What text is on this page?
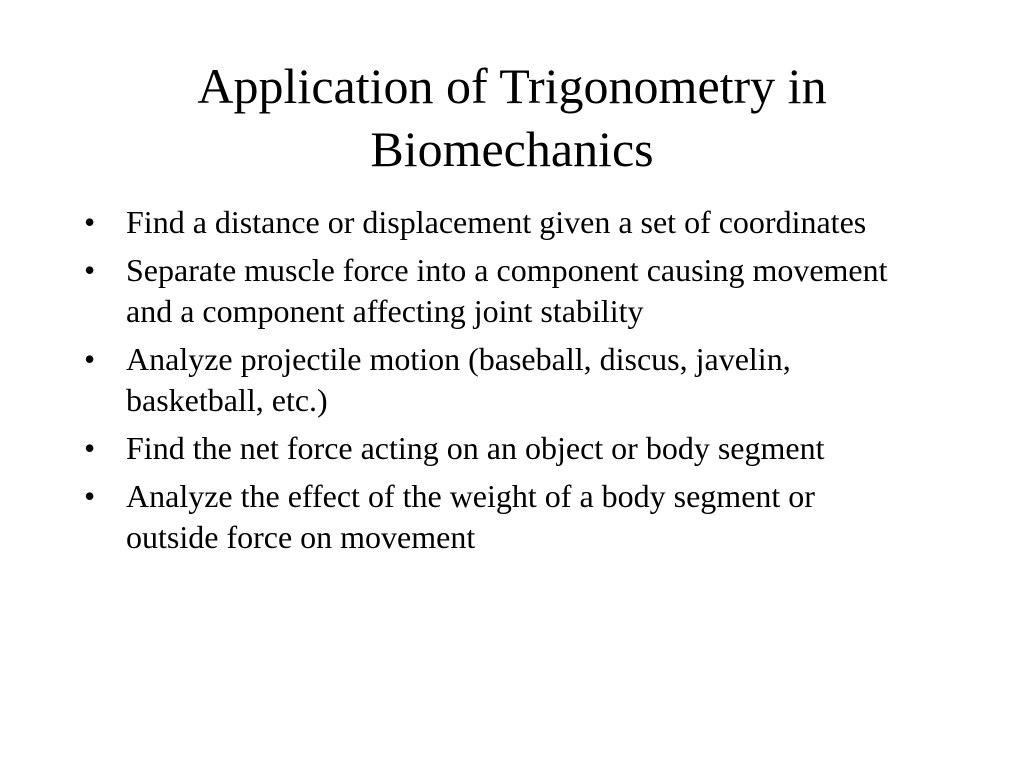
Application of Trigonometry in Biomechanics
• Find a distance or displacement given a set of coordinates
• Separate muscle force into a component causing movement and a component affecting joint stability
• Analyze projectile motion (baseball, discus, javelin, basketball, etc.)
• Find the net force acting on an object or body segment
• Analyze the effect of the weight of a body segment or outside force on movement
